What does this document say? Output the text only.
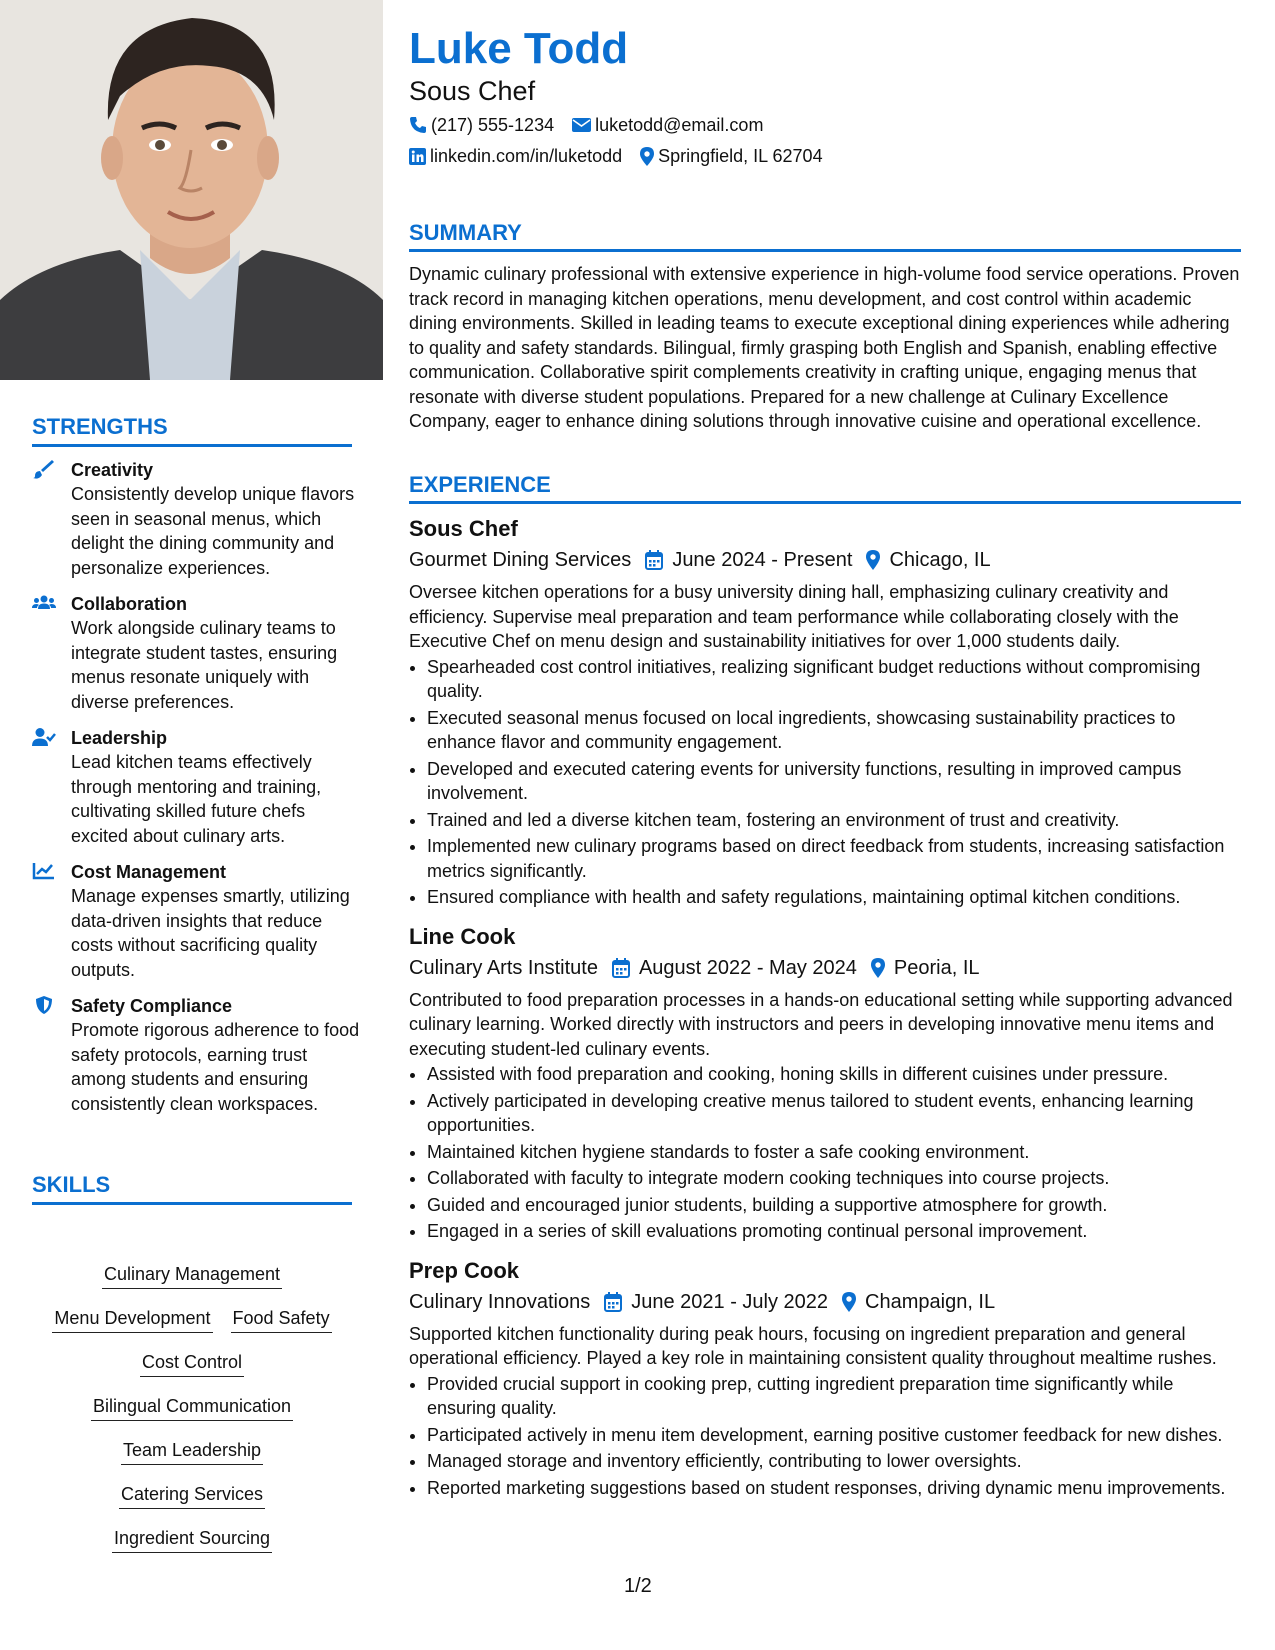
STRENGTHS
Creativity
Consistently develop unique flavors seen in seasonal menus, which delight the dining community and personalize experiences.
Collaboration
Work alongside culinary teams to integrate student tastes, ensuring menus resonate uniquely with diverse preferences.
Leadership
Lead kitchen teams effectively through mentoring and training, cultivating skilled future chefs excited about culinary arts.
Cost Management
Manage expenses smartly, utilizing data-driven insights that reduce costs without sacrificing quality outputs.
Safety Compliance
Promote rigorous adherence to food safety protocols, earning trust among students and ensuring consistently clean workspaces.
SKILLS
Culinary Management
Menu Development Food Safety
Cost Control
Bilingual Communication
Team Leadership
Catering Services
Ingredient Sourcing
Luke Todd
Sous Chef
(217) 555-1234 luketodd@email.com
linkedin.com/in/luketodd Springfield, IL 62704
SUMMARY

Dynamic culinary professional with extensive experience in high-volume food service operations. Proven track record in managing kitchen operations, menu development, and cost control within academic dining environments. Skilled in leading teams to execute exceptional dining experiences while adhering to quality and safety standards. Bilingual, firmly grasping both English and Spanish, enabling effective communication. Collaborative spirit complements creativity in crafting unique, engaging menus that resonate with diverse student populations. Prepared for a new challenge at Culinary Excellence Company, eager to enhance dining solutions through innovative cuisine and operational excellence.

EXPERIENCE
Sous Chef
Gourmet Dining Services June 2024 - Present Chicago, IL

Oversee kitchen operations for a busy university dining hall, emphasizing culinary creativity and efficiency. Supervise meal preparation and team performance while collaborating closely with the Executive Chef on menu design and sustainability initiatives for over 1,000 students daily.

• Spearheaded cost control initiatives, realizing significant budget reductions without compromising quality.
• Executed seasonal menus focused on local ingredients, showcasing sustainability practices to enhance flavor and community engagement.
• Developed and executed catering events for university functions, resulting in improved campus involvement.
• Trained and led a diverse kitchen team, fostering an environment of trust and creativity.
• Implemented new culinary programs based on direct feedback from students, increasing satisfaction metrics significantly.
• Ensured compliance with health and safety regulations, maintaining optimal kitchen conditions.
Line Cook
Culinary Arts Institute August 2022 - May 2024 Peoria, IL

Contributed to food preparation processes in a hands-on educational setting while supporting advanced culinary learning. Worked directly with instructors and peers in developing innovative menu items and executing student-led culinary events.

• Assisted with food preparation and cooking, honing skills in different cuisines under pressure.
• Actively participated in developing creative menus tailored to student events, enhancing learning opportunities.
• Maintained kitchen hygiene standards to foster a safe cooking environment.
• Collaborated with faculty to integrate modern cooking techniques into course projects.
• Guided and encouraged junior students, building a supportive atmosphere for growth.
• Engaged in a series of skill evaluations promoting continual personal improvement.
Prep Cook
Culinary Innovations June 2021 - July 2022 Champaign, IL

Supported kitchen functionality during peak hours, focusing on ingredient preparation and general operational efficiency. Played a key role in maintaining consistent quality throughout mealtime rushes.

• Provided crucial support in cooking prep, cutting ingredient preparation time significantly while ensuring quality.
• Participated actively in menu item development, earning positive customer feedback for new dishes.
• Managed storage and inventory efficiently, contributing to lower oversights.
• Reported marketing suggestions based on student responses, driving dynamic menu improvements.
1/2
